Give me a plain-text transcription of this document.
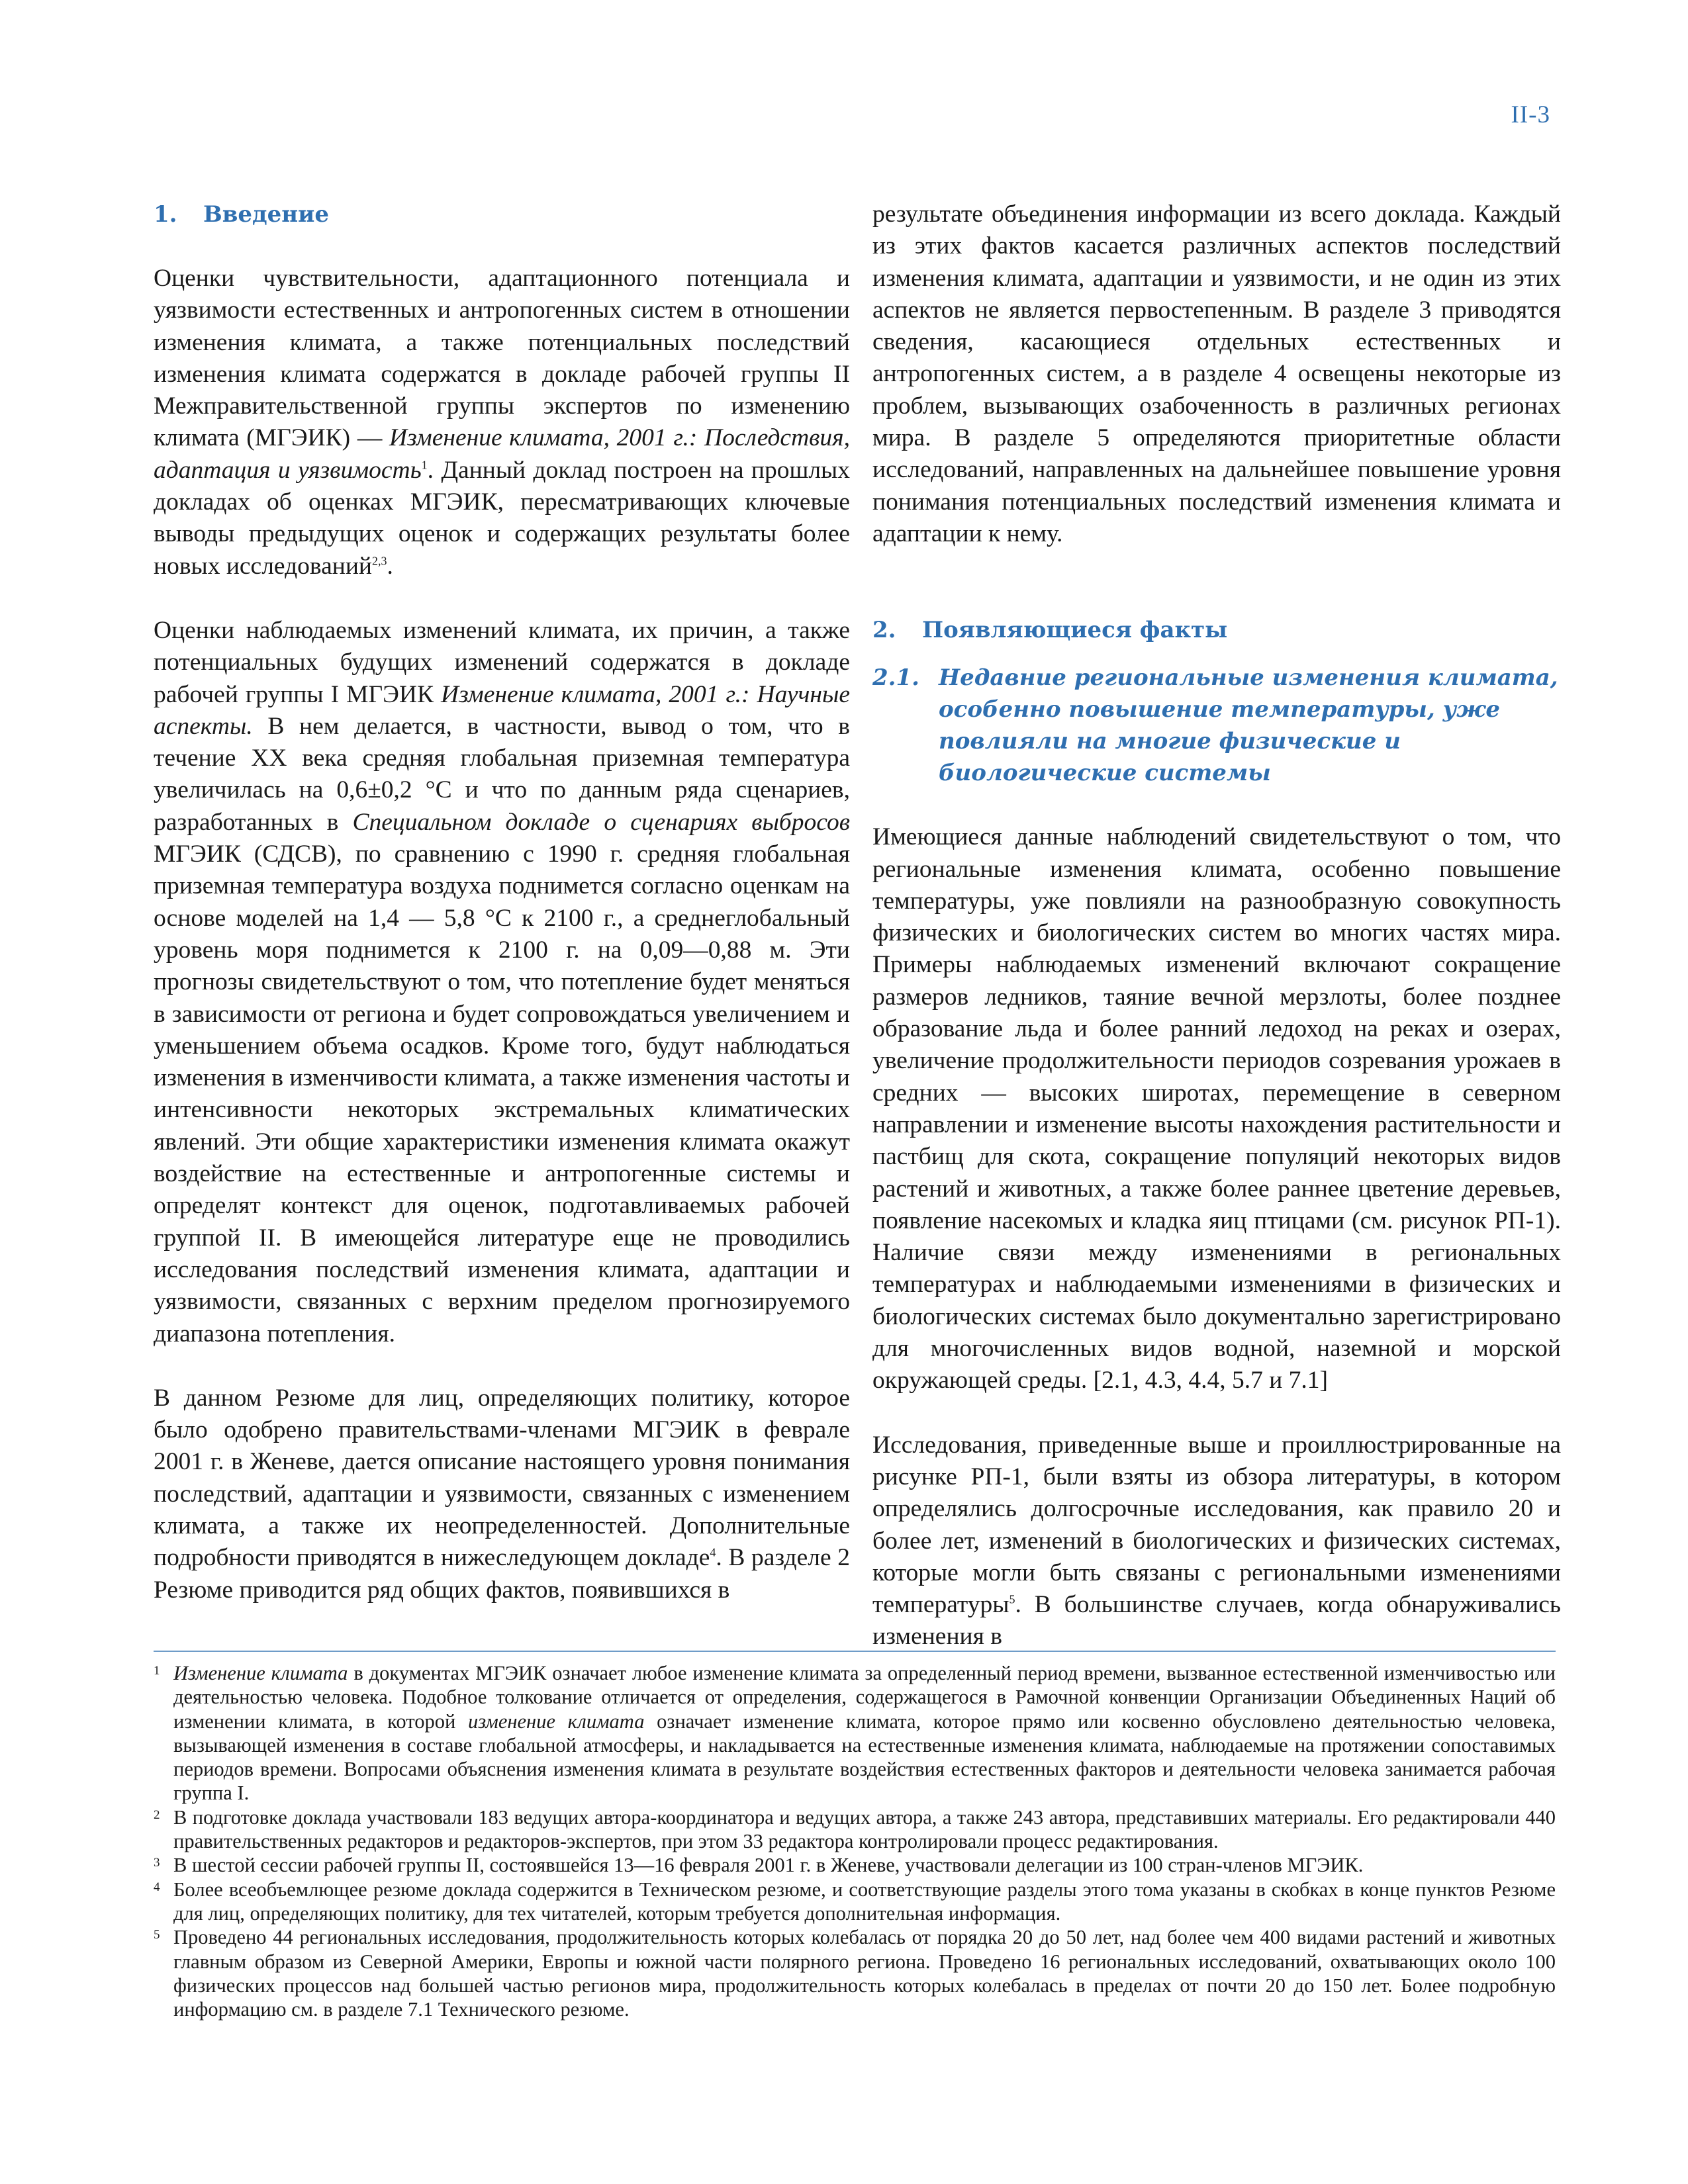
II-3
1. Введение

Оценки чувствительности, адаптационного потенциала и уязвимости естественных и антропогенных систем в отношении изменения климата, а также потенциальных последствий изменения климата содержатся в докладе рабочей группы II Межправительственной группы экспертов по изменению климата (МГЭИК) — Изменение климата, 2001 г.: Последствия, адаптация и уязвимость$^1$. Данный доклад построен на прошлых докладах об оценках МГЭИК, пересматривающих ключевые выводы предыдущих оценок и содержащих результаты более новых исследований$^{2,3}$.

Оценки наблюдаемых изменений климата, их причин, а также потенциальных будущих изменений содержатся в докладе рабочей группы I МГЭИК Изменение климата, 2001 г.: Научные аспекты. В нем делается, в частности, вывод о том, что в течение XX века средняя глобальная приземная температура увеличилась на 0,6±0,2 °C и что по данным ряда сценариев, разработанных в Специальном докладе о сценариях выбросов МГЭИК (СДСВ), по сравнению с 1990 г. средняя глобальная приземная температура воздуха поднимется согласно оценкам на основе моделей на 1,4 — 5,8 °C к 2100 г., а среднеглобальный уровень моря поднимется к 2100 г. на 0,09—0,88 м. Эти прогнозы свидетельствуют о том, что потепление будет меняться в зависимости от региона и будет сопровождаться увеличением и уменьшением объема осадков. Кроме того, будут наблюдаться изменения в изменчивости климата, а также изменения частоты и интенсивности некоторых экстремальных климатических явлений. Эти общие характеристики изменения климата окажут воздействие на естественные и антропогенные системы и определят контекст для оценок, подготавливаемых рабочей группой II. В имеющейся литературе еще не проводились исследования последствий изменения климата, адаптации и уязвимости, связанных с верхним пределом прогнозируемого диапазона потепления.

В данном Резюме для лиц, определяющих политику, которое было одобрено правительствами-членами МГЭИК в феврале 2001 г. в Женеве, дается описание настоящего уровня понимания последствий, адаптации и уязвимости, связанных с изменением климата, а также их неопределенностей. Дополнительные подробности приводятся в нижеследующем докладе$^4$. В разделе 2 Резюме приводится ряд общих фактов, появившихся в

результате объединения информации из всего доклада. Каждый из этих фактов касается различных аспектов последствий изменения климата, адаптации и уязвимости, и не один из этих аспектов не является первостепенным. В разделе 3 приводятся сведения, касающиеся отдельных естественных и антропогенных систем, а в разделе 4 освещены некоторые из проблем, вызывающих озабоченность в различных регионах мира. В разделе 5 определяются приоритетные области исследований, направленных на дальнейшее повышение уровня понимания потенциальных последствий изменения климата и адаптации к нему.

2. Появляющиеся факты
2.1. Недавние региональные изменения климата, особенно повышение температуры, уже повлияли на многие физические и биологические системы

Имеющиеся данные наблюдений свидетельствуют о том, что региональные изменения климата, особенно повышение температуры, уже повлияли на разнообразную совокупность физических и биологических систем во многих частях мира. Примеры наблюдаемых изменений включают сокращение размеров ледников, таяние вечной мерзлоты, более позднее образование льда и более ранний ледоход на реках и озерах, увеличение продолжительности периодов созревания урожаев в средних — высоких широтах, перемещение в северном направлении и изменение высоты нахождения растительности и пастбищ для скота, сокращение популяций некоторых видов растений и животных, а также более раннее цветение деревьев, появление насекомых и кладка яиц птицами (см. рисунок РП-1). Наличие связи между изменениями в региональных температурах и наблюдаемыми изменениями в физических и биологических системах было документально зарегистрировано для многочисленных видов водной, наземной и морской окружающей среды. [2.1, 4.3, 4.4, 5.7 и 7.1]

Исследования, приведенные выше и проиллюстрированные на рисунке РП-1, были взяты из обзора литературы, в котором определялись долгосрочные исследования, как правило 20 и более лет, изменений в биологических и физических системах, которые могли быть связаны с региональными изменениями температуры$^5$. В большинстве случаев, когда обнаруживались изменения в

1 Изменение климата в документах МГЭИК означает любое изменение климата за определенный период времени, вызванное естественной изменчивостью или деятельностью человека. Подобное толкование отличается от определения, содержащегося в Рамочной конвенции Организации Объединенных Наций об изменении климата, в которой изменение климата означает изменение климата, которое прямо или косвенно обусловлено деятельностью человека, вызывающей изменения в составе глобальной атмосферы, и накладывается на естественные изменения климата, наблюдаемые на протяжении сопоставимых периодов времени. Вопросами объяснения изменения климата в результате воздействия естественных факторов и деятельности человека занимается рабочая группа I.
2 В подготовке доклада участвовали 183 ведущих автора-координатора и ведущих автора, а также 243 автора, представивших материалы. Его редактировали 440 правительственных редакторов и редакторов-экспертов, при этом 33 редактора контролировали процесс редактирования.
3 В шестой сессии рабочей группы II, состоявшейся 13—16 февраля 2001 г. в Женеве, участвовали делегации из 100 стран-членов МГЭИК.
4 Более всеобъемлющее резюме доклада содержится в Техническом резюме, и соответствующие разделы этого тома указаны в скобках в конце пунктов Резюме для лиц, определяющих политику, для тех читателей, которым требуется дополнительная информация.
5 Проведено 44 региональных исследования, продолжительность которых колебалась от порядка 20 до 50 лет, над более чем 400 видами растений и животных главным образом из Северной Америки, Европы и южной части полярного региона. Проведено 16 региональных исследований, охватывающих около 100 физических процессов над большей частью регионов мира, продолжительность которых колебалась в пределах от почти 20 до 150 лет. Более подробную информацию см. в разделе 7.1 Технического резюме.
